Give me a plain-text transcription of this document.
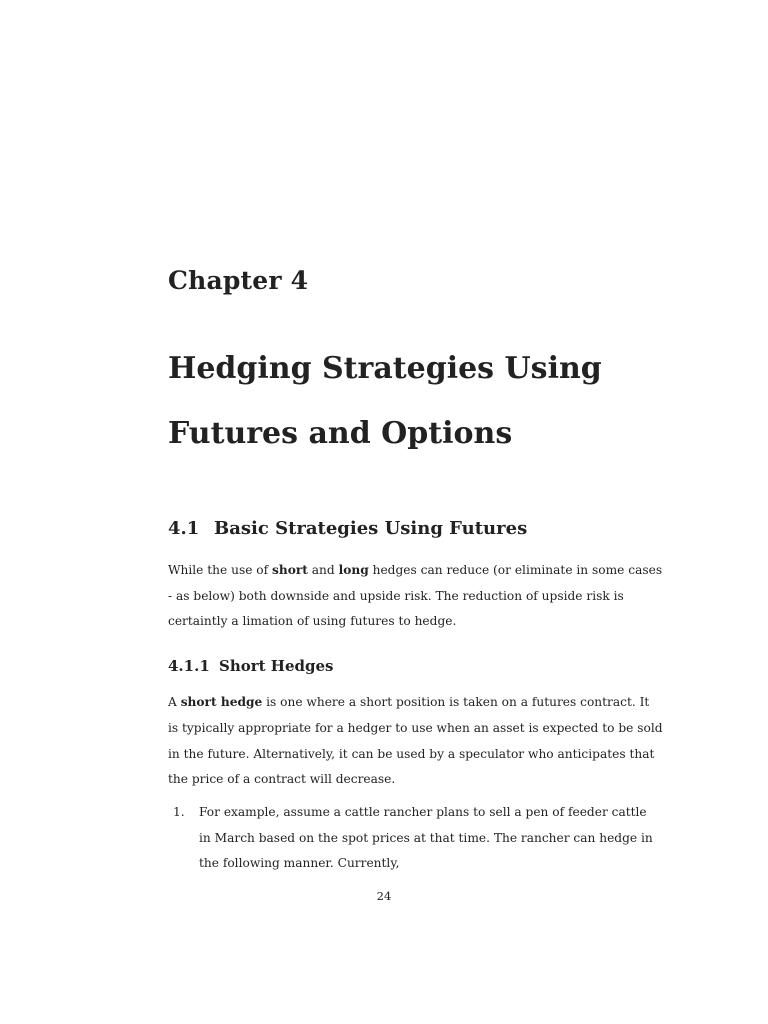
Chapter 4
Hedging Strategies Using
Futures and Options
4.1 Basic Strategies Using Futures
While the use of short and long hedges can reduce (or eliminate in some cases
- as below) both downside and upside risk. The reduction of upside risk is
certaintly a limation of using futures to hedge.
4.1.1 Short Hedges
A short hedge is one where a short position is taken on a futures contract. It
is typically appropriate for a hedger to use when an asset is expected to be sold
in the future. Alternatively, it can be used by a speculator who anticipates that
the price of a contract will decrease.
1. For example, assume a cattle rancher plans to sell a pen of feeder cattle
in March based on the spot prices at that time. The rancher can hedge in
the following manner. Currently,
24
